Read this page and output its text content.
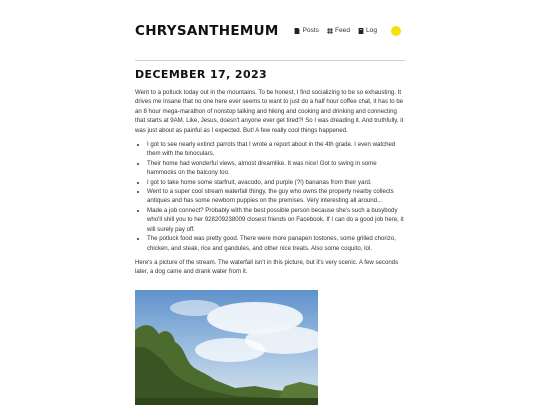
CHRYSANTHEMUM	Posts Feed Log
DECEMBER 17, 2023

Went to a potluck today out in the mountains. To be honest, I find socializing to be so exhausting. It drives me insane that no one here ever seems to want to just do a half hour coffee chat, it has to be an 8 hour mega-marathon of nonstop talking and hiking and cooking and drinking and connecting that starts at 9AM. Like, Jesus, doesn't anyone ever get tired?! So I was dreading it. And truthfully, it was just about as painful as I expected. But! A few really cool things happened.

• I got to see nearly extinct parrots that I wrote a report about in the 4th grade. I even watched them with the binoculars.
• Their home had wonderful views, almost dreamlike. It was nice! Got to swing in some hammocks on the balcony too.
• I got to take home some starfruit, avacodo, and purple (?!) bananas from their yard.
• Went to a super cool stream waterfall thingy, the guy who owns the property nearby collects antiques and has some newborn puppies on the premises. Very interesting all around...
• Made a job connect? Probably with the best possible person because she's such a busybody who'll shill you to her 928209238009 closest friends on Facebook. If I can do a good job here, it will surely pay off.
• The potluck food was pretty good. There were more panapen tostones, some grilled chorizo, chicken, and steak, rice and gandules, and other nice treats. Also some coquito, lol.

Here's a picture of the stream. The waterfall isn't in this picture, but it's very scenic. A few seconds later, a dog came and drank water from it.
